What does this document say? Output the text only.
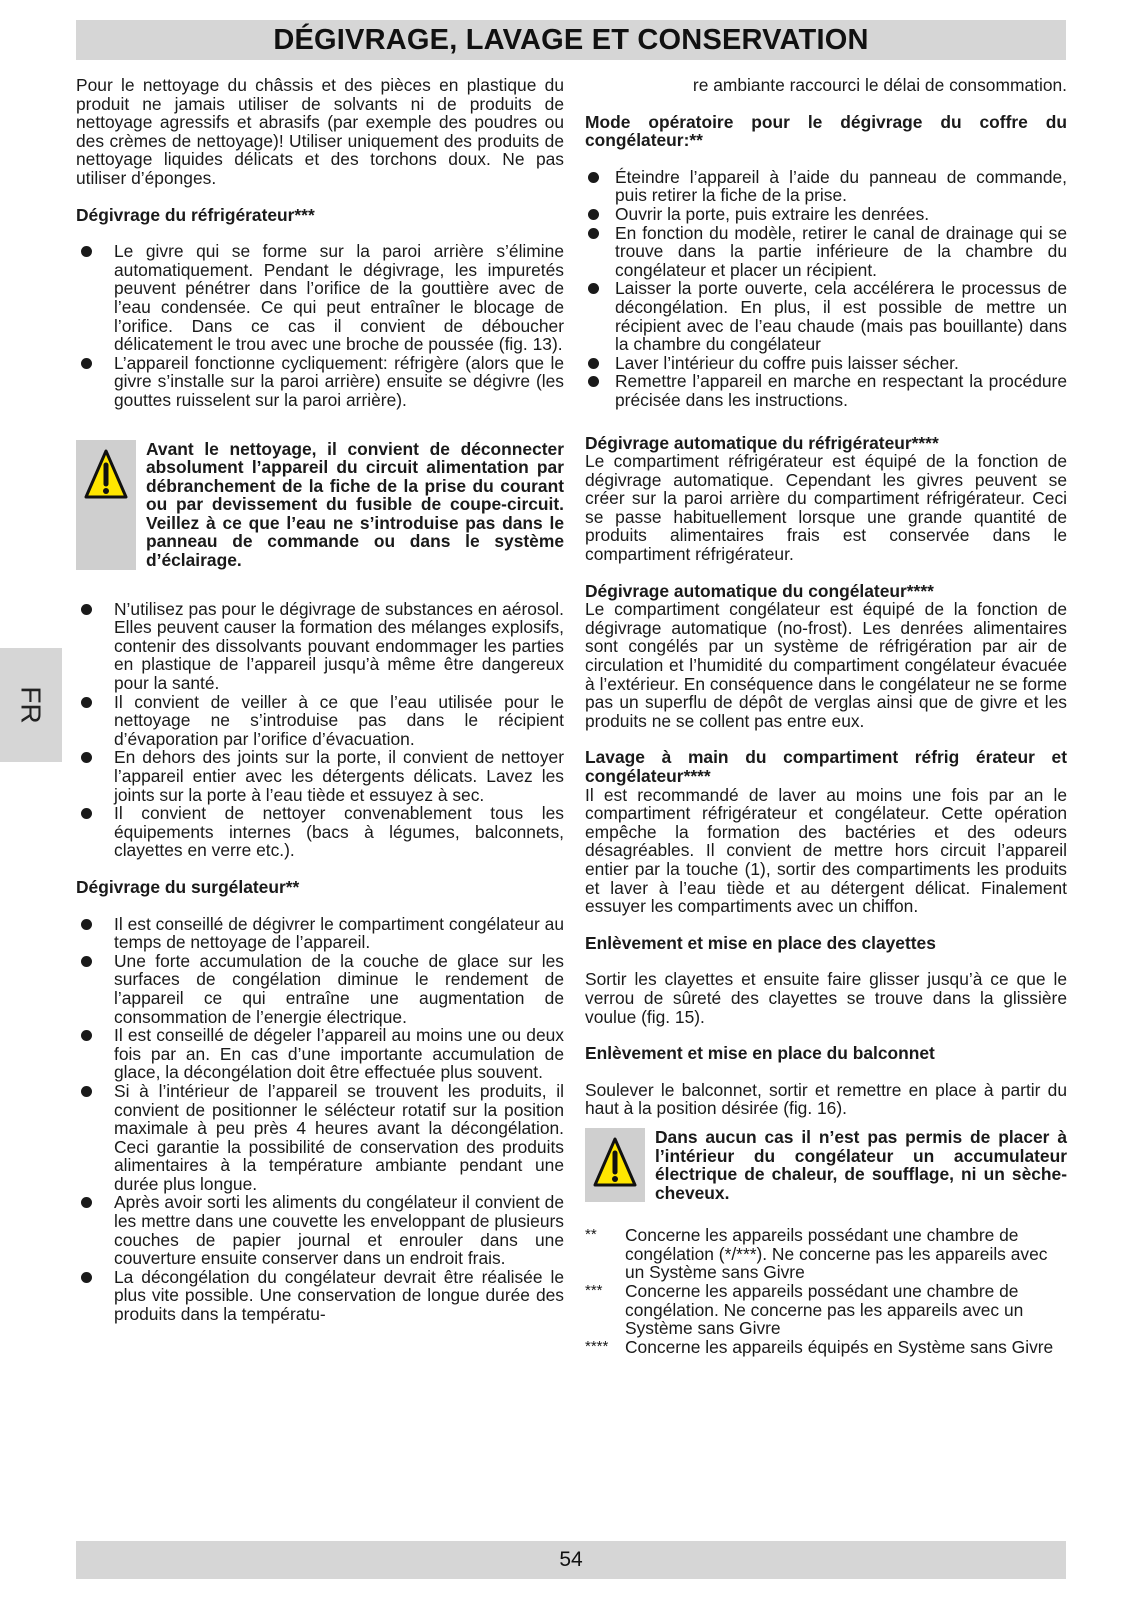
DÉGIVRAGE, LAVAGE ET CONSERVATION
FR

Pour le nettoyage du châssis et des pièces en plastique du produit ne jamais utiliser de solvants ni de produits de nettoyage agressifs et abrasifs (par exemple des poudres ou des crèmes de nettoyage)! Utiliser uniquement des produits de nettoyage liquides délicats et des torchons doux. Ne pas utiliser d’éponges.

Dégivrage du réfrigérateur***

Le givre qui se forme sur la paroi arrière s’élimine automatiquement. Pendant le dégivrage, les impuretés peuvent pénétrer dans l’orifice de la gouttière avec de l’eau condensée. Ce qui peut entraîner le blocage de l’orifice. Dans ce cas il convient de déboucher délicatement le trou avec une broche de poussée (fig. 13).
L’appareil fonctionne cycliquement: réfrigère (alors que le givre s’installe sur la paroi arrière) ensuite se dégivre (les gouttes ruisselent sur la paroi arrière).
Avant le nettoyage, il convient de déconnecter absolument l’appareil du circuit alimentation par débranchement de la fiche de la prise du courant ou par devissement du fusible de coupe-circuit. Veillez à ce que l’eau ne s’introduise pas dans le panneau de commande ou dans le système d’éclairage.
N’utilisez pas pour le dégivrage de substances en aérosol. Elles peuvent causer la formation des mélanges explosifs, contenir des dissolvants pouvant endommager les parties en plastique de l’appareil jusqu’à même être dangereux pour la santé.
Il convient de veiller à ce que l’eau utilisée pour le nettoyage ne s’introduise pas dans le récipient d’évaporation par l’orifice d’évacuation.
En dehors des joints sur la porte, il convient de nettoyer l’appareil entier avec les détergents délicats. Lavez les joints sur la porte à l’eau tiède et essuyez à sec.
Il convient de nettoyer convenablement tous les équipements internes (bacs à légumes, balconnets, clayettes en verre etc.).

Dégivrage du surgélateur**

Il est conseillé de dégivrer le compartiment congélateur au temps de nettoyage de l’appareil.
Une forte accumulation de la couche de glace sur les surfaces de congélation diminue le rendement de l’appareil ce qui entraîne une augmentation de consommation de l’energie électrique.
Il est conseillé de dégeler l’appareil au moins une ou deux fois par an. En cas d’une importante accumulation de glace, la décongélation doit être effectuée plus souvent.
Si à l’intérieur de l’appareil se trouvent les produits, il convient de positionner le sélécteur rotatif sur la position maximale à peu près 4 heures avant la décongélation. Ceci garantie la possibilité de conservation des produits alimentaires à la température ambiante pendant une durée plus longue.
Après avoir sorti les aliments du congélateur il convient de les mettre dans une couvette les enveloppant de plusieurs couches de papier journal et enrouler dans une couverture ensuite conserver dans un endroit frais.
La décongélation du congélateur devrait être réalisée le plus vite possible. Une conservation de longue durée des produits dans la températu-

re ambiante raccourci le délai de consommation.

Mode opératoire pour le dégivrage du coffre du congélateur:**

Éteindre l’appareil à l’aide du panneau de commande, puis retirer la fiche de la prise.
Ouvrir la porte, puis extraire les denrées.
En fonction du modèle, retirer le canal de drainage qui se trouve dans la partie inférieure de la chambre du congélateur et placer un récipient.
Laisser la porte ouverte, cela accélérera le processus de décongélation. En plus, il est possible de mettre un récipient avec de l’eau chaude (mais pas bouillante) dans la chambre du congélateur
Laver l’intérieur du coffre puis laisser sécher.
Remettre l’appareil en marche en respectant la procédure précisée dans les instructions.

Dégivrage automatique du réfrigérateur****

Le compartiment réfrigérateur est équipé de la fonction de dégivrage automatique. Cependant les givres peuvent se créer sur la paroi arrière du compartiment réfrigérateur. Ceci se passe habituellement lorsque une grande quantité de produits alimentaires frais est conservée dans le compartiment réfrigérateur.

Dégivrage automatique du congélateur****

Le compartiment congélateur est équipé de la fonction de dégivrage automatique (no-frost). Les denrées alimentaires sont congélés par un système de réfrigération par air de circulation et l’humidité du compartiment congélateur évacuée à l’extérieur. En conséquence dans le congélateur ne se forme pas un superflu de dépôt de verglas ainsi que de givre et les produits ne se collent pas entre eux.

Lavage à main du compartiment réfrig érateur et congélateur****

Il est recommandé de laver au moins une fois par an le compartiment réfrigérateur et congélateur. Cette opération empêche la formation des bactéries et des odeurs désagréables. Il convient de mettre hors circuit l’appareil entier par la touche (1), sortir des compartiments les produits et laver à l’eau tiède et au détergent délicat. Finalement essuyer les compartiments avec un chiffon.

Enlèvement et mise en place des clayettes

Sortir les clayettes et ensuite faire glisser jusqu’à ce que le verrou de sûreté des clayettes se trouve dans la glissière voulue (fig. 15).

Enlèvement et mise en place du balconnet

Soulever le balconnet, sortir et remettre en place à partir du haut à la position désirée (fig. 16).

Dans aucun cas il n’est pas permis de placer à l’intérieur du congélateur un accumulateur électrique de chaleur, de soufflage, ni un sèche-cheveux.
**	Concerne les appareils possédant une chambre de congélation (*/***). Ne concerne pas les appareils avec un Système sans Givre
***	Concerne les appareils possédant une chambre de congélation. Ne concerne pas les appareils avec un Système sans Givre
**** Concerne les appareils équipés en Système sans Givre
54
